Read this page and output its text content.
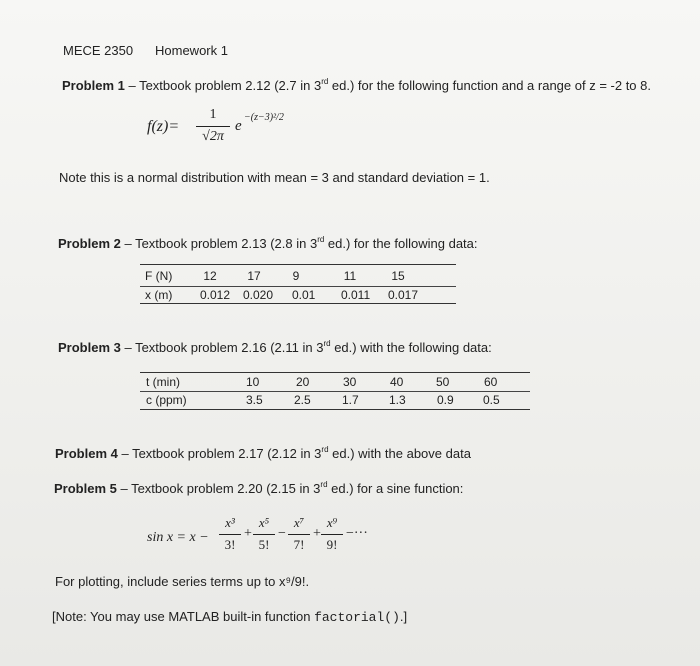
MECE 2350 Homework 1
Problem 1 – Textbook problem 2.12 (2.7 in 3rd ed.) for the following function and a range of z = -2 to 8.
f(z)=
1
√2π
e
−(z−3)²/2
Note this is a normal distribution with mean = 3 and standard deviation = 1.
Problem 2 – Textbook problem 2.13 (2.8 in 3rd ed.) for the following data:
F (N)	12	17	9	11	15
x (m) 0.012 0.020 0.01 0.011 0.017
Problem 3 – Textbook problem 2.16 (2.11 in 3rd ed.) with the following data:
t (min)	10	20	30	40	50	60
c (ppm)	3.5	2.5	1.7	1.3	0.9 0.5
Problem 4 – Textbook problem 2.17 (2.12 in 3rd ed.) with the above data
Problem 5 – Textbook problem 2.20 (2.15 in 3rd ed.) for a sine function:
sin x = x −
x³
3!
+
x⁵
5!
−
x⁷
7!
+
x⁹
9!
−···
For plotting, include series terms up to x⁹/9!.
[Note: You may use MATLAB built-in function factorial().]
